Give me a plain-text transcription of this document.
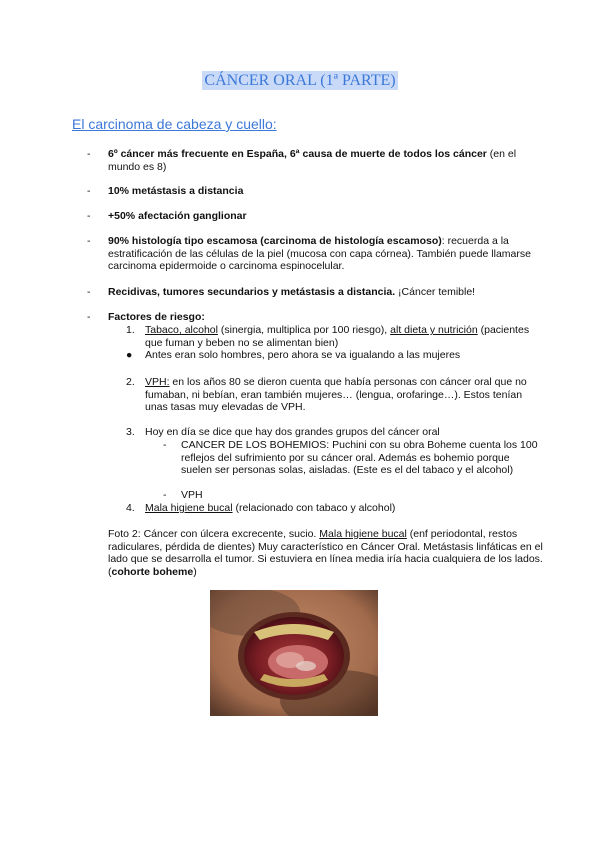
CÁNCER ORAL (1ª PARTE)
El carcinoma de cabeza y cuello:
- 6º cáncer más frecuente en España, 6ª causa de muerte de todos los cáncer (en el mundo es 8)
- 10% metástasis a distancia
- +50% afectación ganglionar
- 90% histología tipo escamosa (carcinoma de histología escamoso): recuerda a la estratificación de las células de la piel (mucosa con capa córnea). También puede llamarse carcinoma epidermoide o carcinoma espinocelular.
- Recidivas, tumores secundarios y metástasis a distancia. ¡Cáncer temible!
- Factores de riesgo:
1. Tabaco, alcohol (sinergia, multiplica por 100 riesgo), alt dieta y nutrición (pacientes que fuman y beben no se alimentan bien)
● Antes eran solo hombres, pero ahora se va igualando a las mujeres
2. VPH: en los años 80 se dieron cuenta que había personas con cáncer oral que no fumaban, ni bebían, eran también mujeres… (lengua, orofaringe…). Estos tenían unas tasas muy elevadas de VPH.
3. Hoy en día se dice que hay dos grandes grupos del cáncer oral
- CANCER DE LOS BOHEMIOS: Puchini con su obra Boheme cuenta los 100 reflejos del sufrimiento por su cáncer oral. Además es bohemio porque suelen ser personas solas, aisladas. (Este es el del tabaco y el alcohol)
- VPH
4. Mala higiene bucal (relacionado con tabaco y alcohol)
Foto 2: Cáncer con úlcera excrecente, sucio. Mala higiene bucal (enf periodontal, restos radiculares, pérdida de dientes) Muy característico en Cáncer Oral. Metástasis linfáticas en el lado que se desarrolla el tumor. Si estuviera en línea media iría hacia cualquiera de los lados. (cohorte boheme)
